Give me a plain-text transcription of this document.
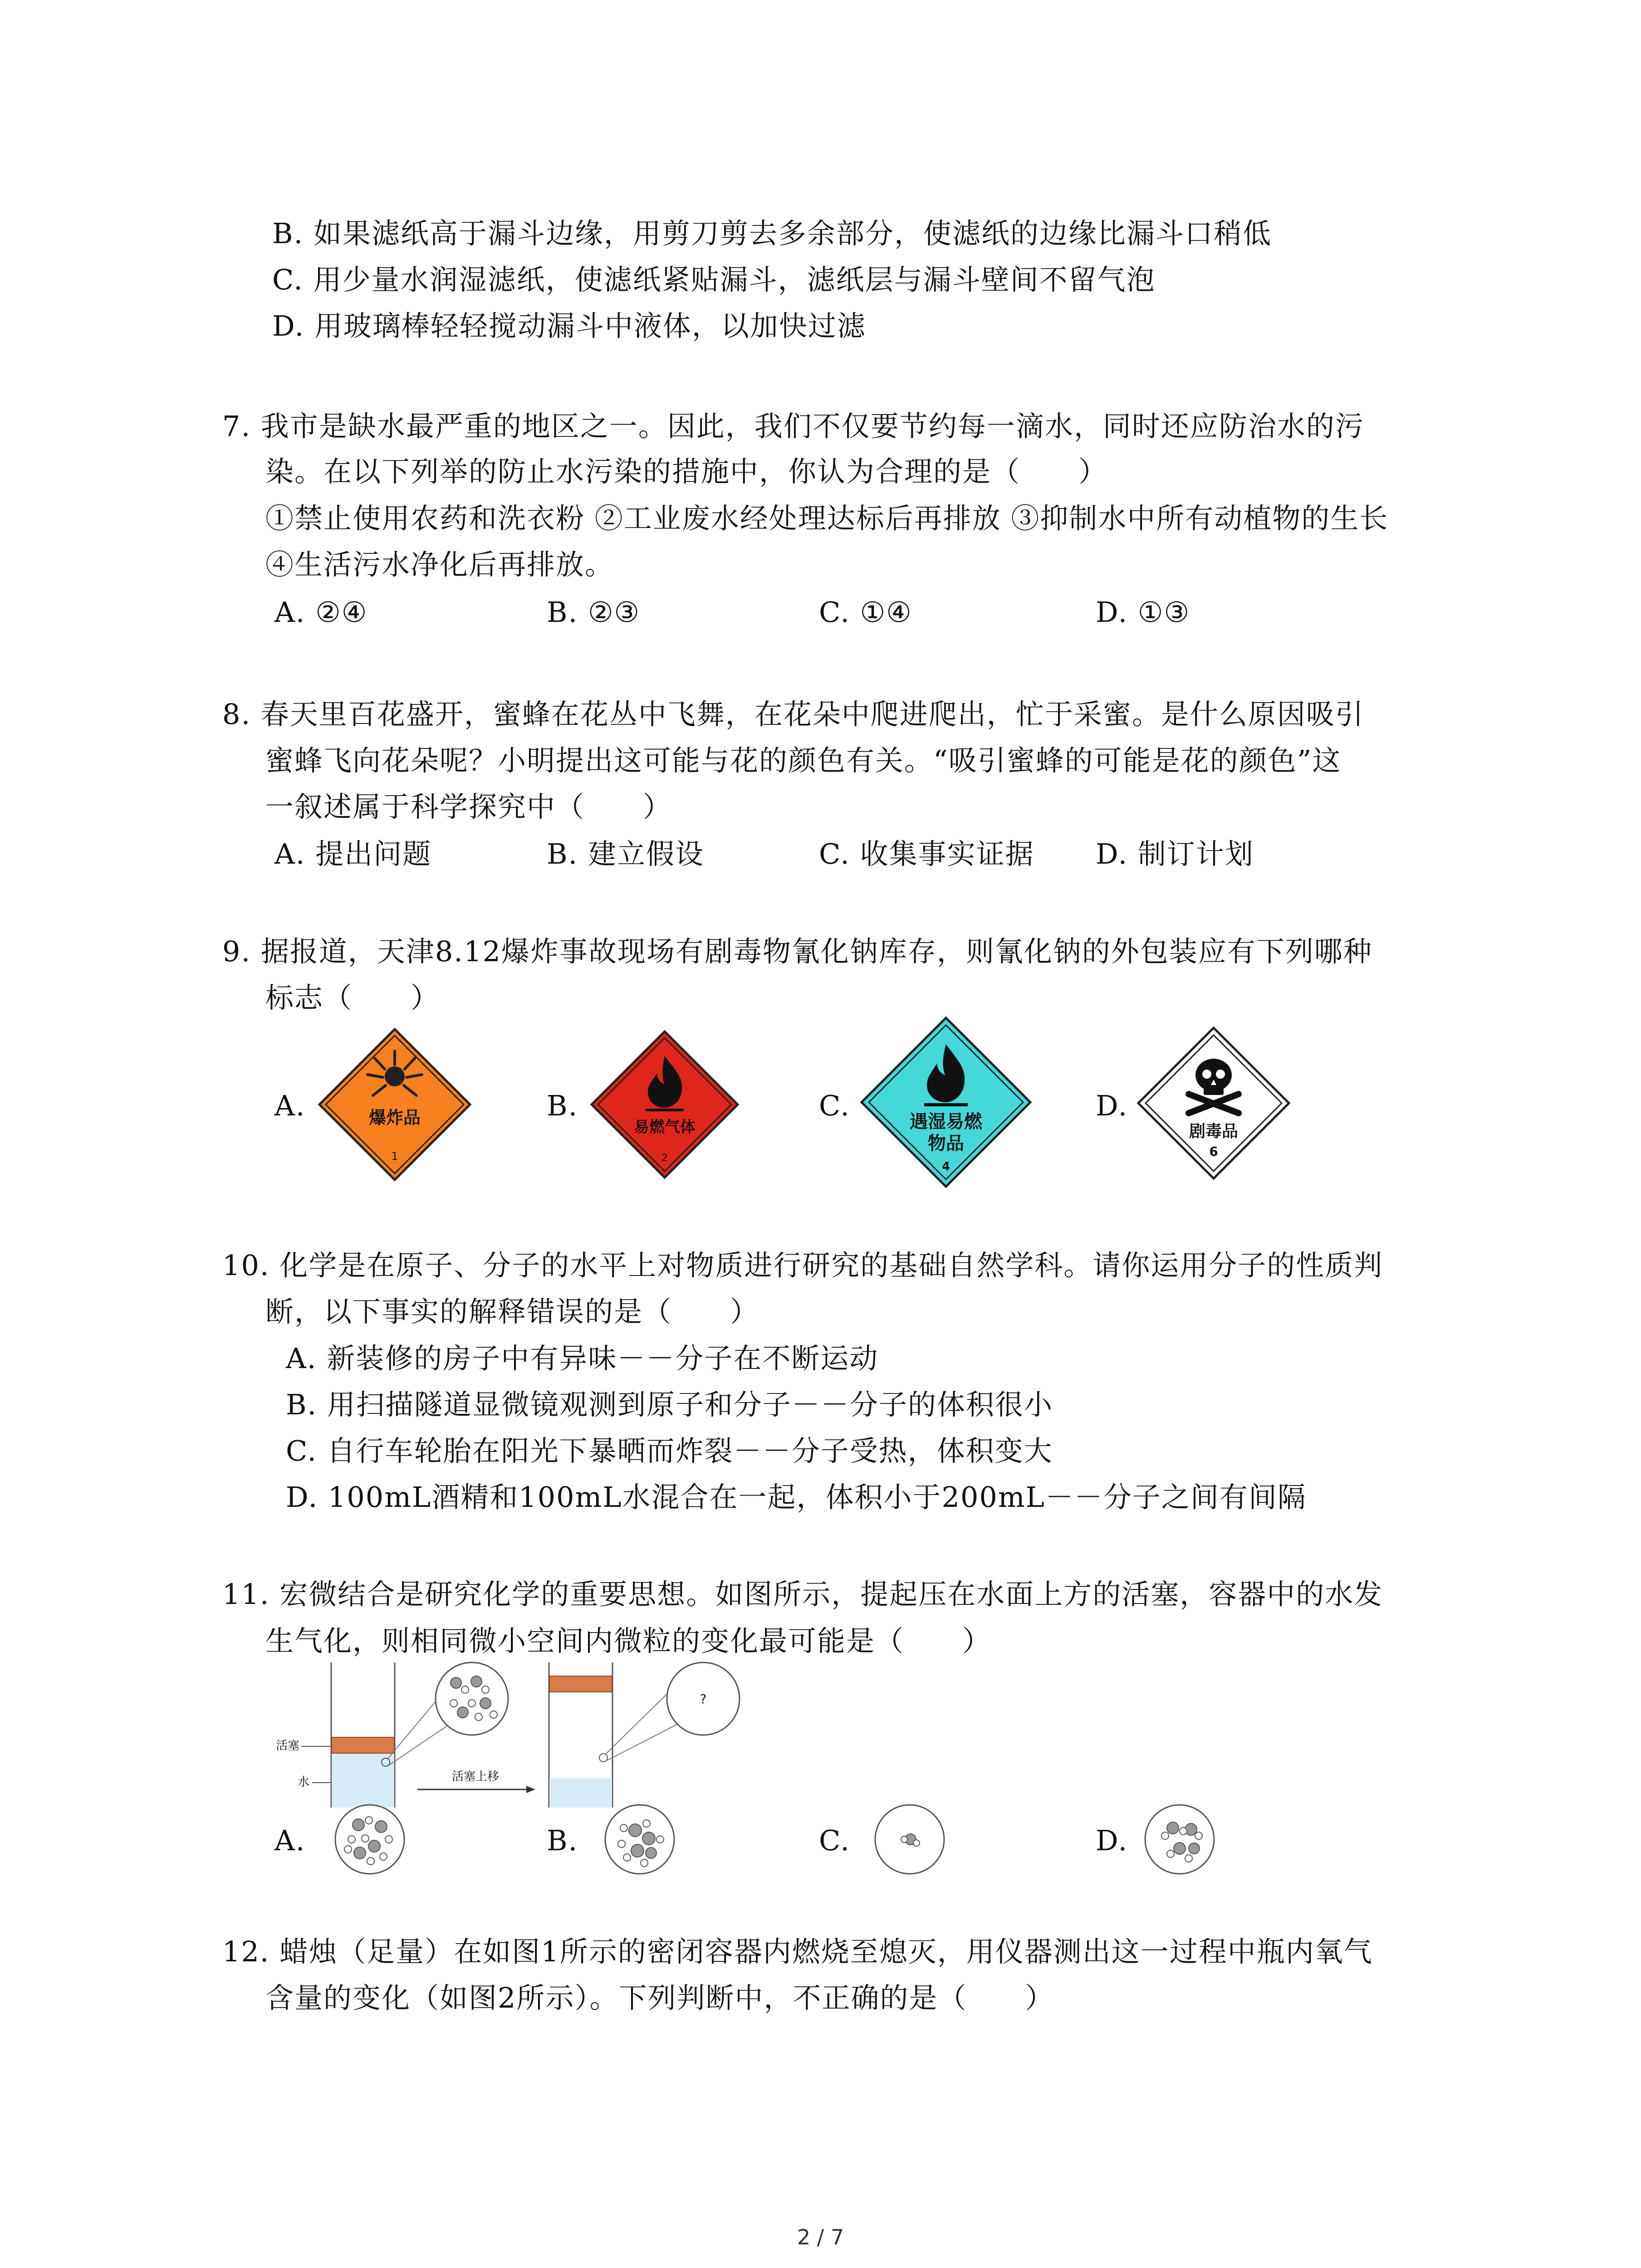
B. 如果滤纸高于漏斗边缘，用剪刀剪去多余部分，使滤纸的边缘比漏斗口稍低
C. 用少量水润湿滤纸，使滤纸紧贴漏斗，滤纸层与漏斗壁间不留气泡
D. 用玻璃棒轻轻搅动漏斗中液体，以加快过滤
7. 我市是缺水最严重的地区之一。因此，我们不仅要节约每一滴水，同时还应防治水的污
染。在以下列举的防止水污染的措施中，你认为合理的是（　　）
①禁止使用农药和洗衣粉 ②工业废水经处理达标后再排放 ③抑制水中所有动植物的生长
④生活污水净化后再排放。
A. ②④	B. ②③	C. ①④	D. ①③
8. 春天里百花盛开，蜜蜂在花丛中飞舞，在花朵中爬进爬出，忙于采蜜。是什么原因吸引
蜜蜂飞向花朵呢？小明提出这可能与花的颜色有关。“吸引蜜蜂的可能是花的颜色”这
一叙述属于科学探究中（　　）
A. 提出问题	B. 建立假设	C. 收集事实证据 D. 制订计划
9. 据报道，天津8.12爆炸事故现场有剧毒物氰化钠库存，则氰化钠的外包装应有下列哪种
标志（　　）
A.	B.	C.	D.
爆炸品
1
易燃气体
2
遇湿易燃
物品
4
剧毒品
6
10. 化学是在原子、分子的水平上对物质进行研究的基础自然学科。请你运用分子的性质判
断，以下事实的解释错误的是（　　）
A. 新装修的房子中有异味－－分子在不断运动
B. 用扫描隧道显微镜观测到原子和分子－－分子的体积很小
C. 自行车轮胎在阳光下暴晒而炸裂－－分子受热，体积变大
D. 100mL酒精和100mL水混合在一起，体积小于200mL－－分子之间有间隔
11. 宏微结合是研究化学的重要思想。如图所示，提起压在水面上方的活塞，容器中的水发
生气化，则相同微小空间内微粒的变化最可能是（　　）
活塞
水	活塞上移
?
A.	B.	C.	D.
12. 蜡烛（足量）在如图1所示的密闭容器内燃烧至熄灭，用仪器测出这一过程中瓶内氧气
含量的变化（如图2所示）。下列判断中，不正确的是（　　）
2 / 7
